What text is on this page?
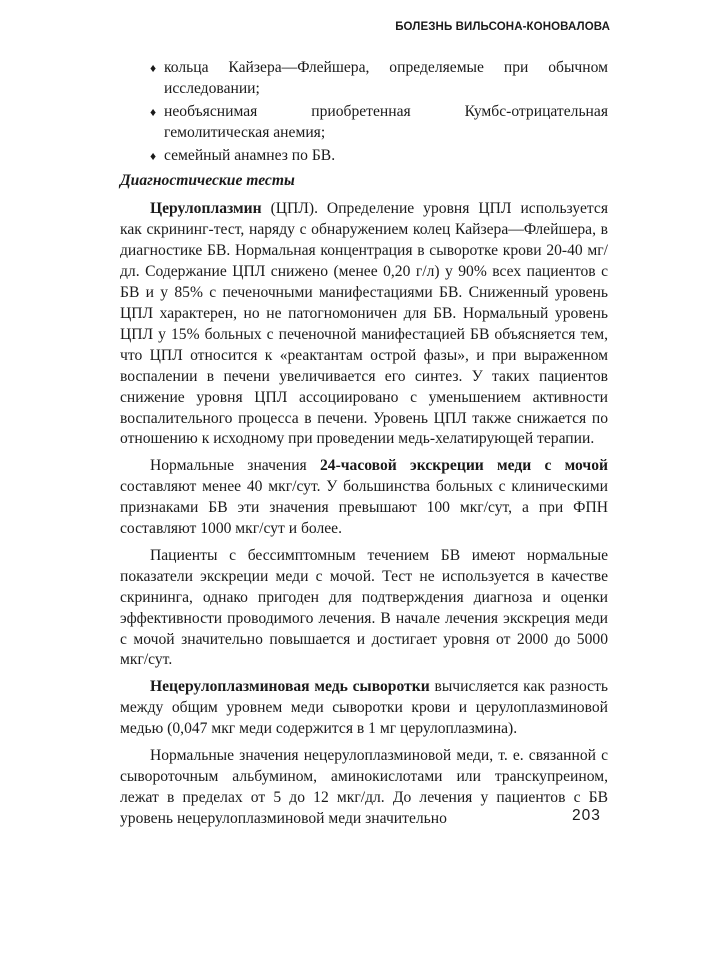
БОЛЕЗНЬ ВИЛЬСОНА-КОНОВАЛОВА
♦ кольца Кайзера—Флейшера, определяемые при обычном исследовании;
♦ необъяснимая приобретенная Кумбс-отрицательная гемолитическая анемия;
♦ семейный анамнез по БВ.
Диагностические тесты

Церулоплазмин (ЦПЛ). Определение уровня ЦПЛ используется как скрининг-тест, наряду с обнаружением колец Кайзера—Флейшера, в диагностике БВ. Нормальная концентрация в сыворотке крови 20-40 мг/дл. Содержание ЦПЛ снижено (менее 0,20 г/л) у 90% всех пациентов с БВ и у 85% с печеночными манифестациями БВ. Сниженный уровень ЦПЛ характерен, но не патогномоничен для БВ. Нормальный уровень ЦПЛ у 15% больных с печеночной манифестацией БВ объясняется тем, что ЦПЛ относится к «реактантам острой фазы», и при выраженном воспалении в печени увеличивается его синтез. У таких пациентов снижение уровня ЦПЛ ассоциировано с уменьшением активности воспалительного процесса в печени. Уровень ЦПЛ также снижается по отношению к исходному при проведении медь-хелатирующей терапии.

Нормальные значения 24-часовой экскреции меди с мочой составляют менее 40 мкг/сут. У большинства больных с клиническими признаками БВ эти значения превышают 100 мкг/сут, а при ФПН составляют 1000 мкг/сут и более.

Пациенты с бессимптомным течением БВ имеют нормальные показатели экскреции меди с мочой. Тест не используется в качестве скрининга, однако пригоден для подтверждения диагноза и оценки эффективности проводимого лечения. В начале лечения экскреция меди с мочой значительно повышается и достигает уровня от 2000 до 5000 мкг/сут.

Нецерулоплазминовая медь сыворотки вычисляется как разность между общим уровнем меди сыворотки крови и церулоплазминовой медью (0,047 мкг меди содержится в 1 мг церулоплазмина).

Нормальные значения нецерулоплазминовой меди, т. е. связанной с сывороточным альбумином, аминокислотами или транскупреином, лежат в пределах от 5 до 12 мкг/дл. До лечения у пациентов с БВ уровень нецерулоплазминовой меди значительно	203
